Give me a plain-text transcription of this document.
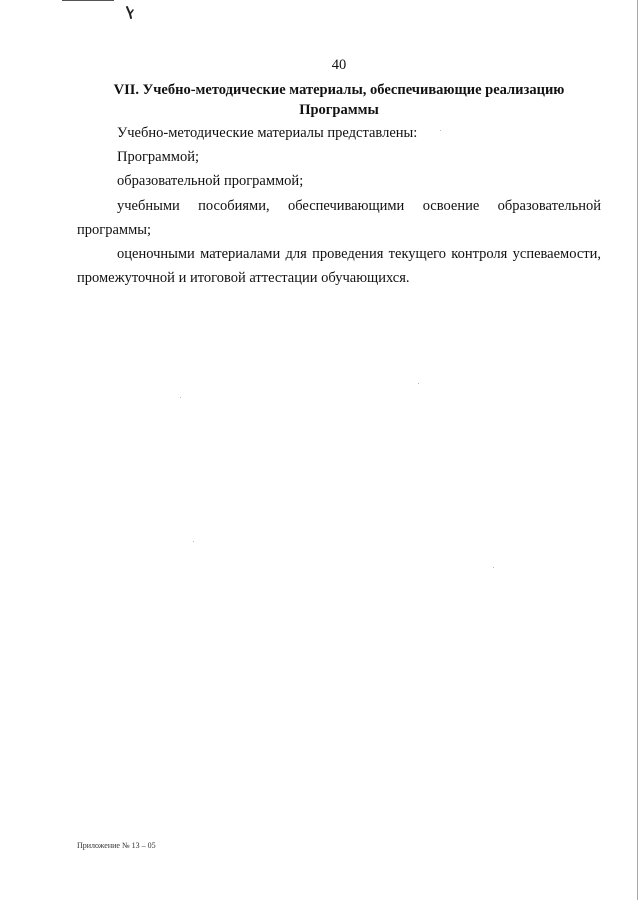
40
VII. Учебно-методические материалы, обеспечивающие реализацию
Программы
Учебно-методические материалы представлены:
Программой;
образовательной программой;
учебными пособиями, обеспечивающими освоение образовательной
программы;
оценочными материалами для проведения текущего контроля успеваемости,
промежуточной и итоговой аттестации обучающихся.
Приложение № 13 – 05
